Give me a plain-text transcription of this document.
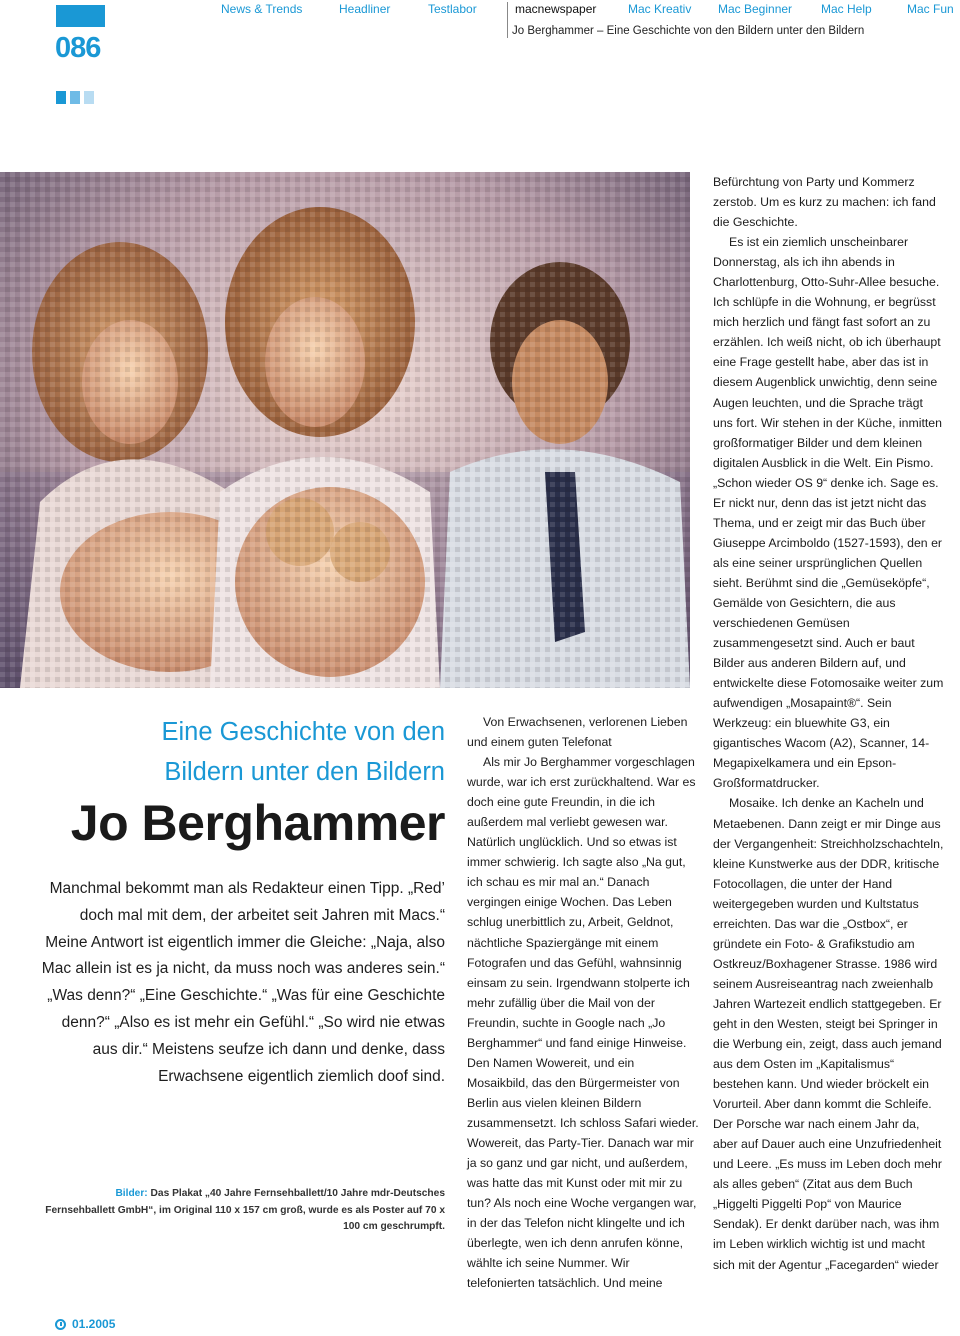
086
News & Trends	Headliner	Testlabor	macnewspaper	Mac Kreativ Mac Beginner Mac Help	Mac Fun
Jo Berghammer – Eine Geschichte von den Bildern unter den Bildern
Eine Geschichte von den
Bildern unter den Bildern
Jo Berghammer
Manchmal bekommt man als Redakteur einen Tipp. „Red’ doch mal mit dem, der arbeitet seit Jahren mit Macs.“ Meine Antwort ist eigentlich immer die Gleiche: „Naja, also Mac allein ist es ja nicht, da muss noch was anderes sein.“ „Was denn?“ „Eine Geschichte.“ „Was für eine Geschichte denn?“ „Also es ist mehr ein Gefühl.“ „So wird nie etwas aus dir.“ Meistens seufze ich dann und denke, dass Erwachsene eigentlich ziemlich doof sind.
Bilder: Das Plakat „40 Jahre Fernsehballett/10 Jahre mdr-Deutsches Fernsehballett GmbH“, im Original 110 x 157 cm groß, wurde es als Poster auf 70 x 100 cm geschrumpft.

Von Erwachsenen, verlorenen Lieben und einem guten Telefonat

Als mir Jo Berghammer vorgeschlagen wurde, war ich erst zurückhaltend. War es doch eine gute Freundin, in die ich außerdem mal verliebt gewesen war. Natürlich unglücklich. Und so etwas ist immer schwierig. Ich sagte also „Na gut, ich schau es mir mal an.“ Danach vergingen einige Wochen. Das Leben schlug unerbittlich zu, Arbeit, Geldnot, nächtliche Spaziergänge mit einem Fotografen und das Gefühl, wahnsinnig einsam zu sein. Irgendwann stolperte ich mehr zufällig über die Mail von der Freundin, suchte in Google nach „Jo Berghammer“ und fand einige Hinweise. Den Namen Wowereit, und ein Mosaikbild, das den Bürgermeister von Berlin aus vielen kleinen Bildern zusammensetzt. Ich schloss Safari wieder. Wowereit, das Party-Tier. Danach war mir ja so ganz und gar nicht, und außerdem, was hatte das mit Kunst oder mit mir zu tun? Als noch eine Woche vergangen war, in der das Telefon nicht klingelte und ich überlegte, wen ich denn anrufen könne, wählte ich seine Nummer. Wir telefonierten tatsächlich. Und meine

Befürchtung von Party und Kommerz zerstob. Um es kurz zu machen: ich fand die Geschichte.

Es ist ein ziemlich unscheinbarer Donnerstag, als ich ihn abends in Charlottenburg, Otto-Suhr-Allee besuche. Ich schlüpfe in die Wohnung, er begrüsst mich herzlich und fängt fast sofort an zu erzählen. Ich weiß nicht, ob ich überhaupt eine Frage gestellt habe, aber das ist in diesem Augenblick unwichtig, denn seine Augen leuchten, und die Sprache trägt uns fort. Wir stehen in der Küche, inmitten großformatiger Bilder und dem kleinen digitalen Ausblick in die Welt. Ein Pismo. „Schon wieder OS 9“ denke ich. Sage es. Er nickt nur, denn das ist jetzt nicht das Thema, und er zeigt mir das Buch über Giuseppe Arcimboldo (1527-1593), den er als eine seiner ursprünglichen Quellen sieht. Berühmt sind die „Gemüseköpfe“, Gemälde von Gesichtern, die aus verschiedenen Gemüsen zusammengesetzt sind. Auch er baut Bilder aus anderen Bildern auf, und entwickelte diese Fotomosaike weiter zum aufwendigen „Mosapaint®“. Sein Werkzeug: ein bluewhite G3, ein gigantisches Wacom (A2), Scanner, 14-Megapixelkamera und ein Epson-Großformatdrucker.

Mosaike. Ich denke an Kacheln und Metaebenen. Dann zeigt er mir Dinge aus der Vergangenheit: Streichholzschachteln, kleine Kunstwerke aus der DDR, kritische Fotocollagen, die unter der Hand weitergegeben wurden und Kultstatus erreichten. Das war die „Ostbox“, er gründete ein Foto- & Grafikstudio am Ostkreuz/Boxhagener Strasse. 1986 wird seinem Ausreiseantrag nach zweienhalb Jahren Wartezeit endlich stattgegeben. Er geht in den Westen, steigt bei Springer in die Werbung ein, zeigt, dass auch jemand aus dem Osten im „Kapitalismus“ bestehen kann. Und wieder bröckelt ein Vorurteil. Aber dann kommt die Schleife. Der Porsche war nach einem Jahr da, aber auf Dauer auch eine Unzufriedenheit und Leere. „Es muss im Leben doch mehr als alles geben“ (Zitat aus dem Buch „Higgelti Piggelti Pop“ von Maurice Sendak). Er denkt darüber nach, was ihm im Leben wirklich wichtig ist und macht sich mit der Agentur „Facegarden“ wieder

01.2005
